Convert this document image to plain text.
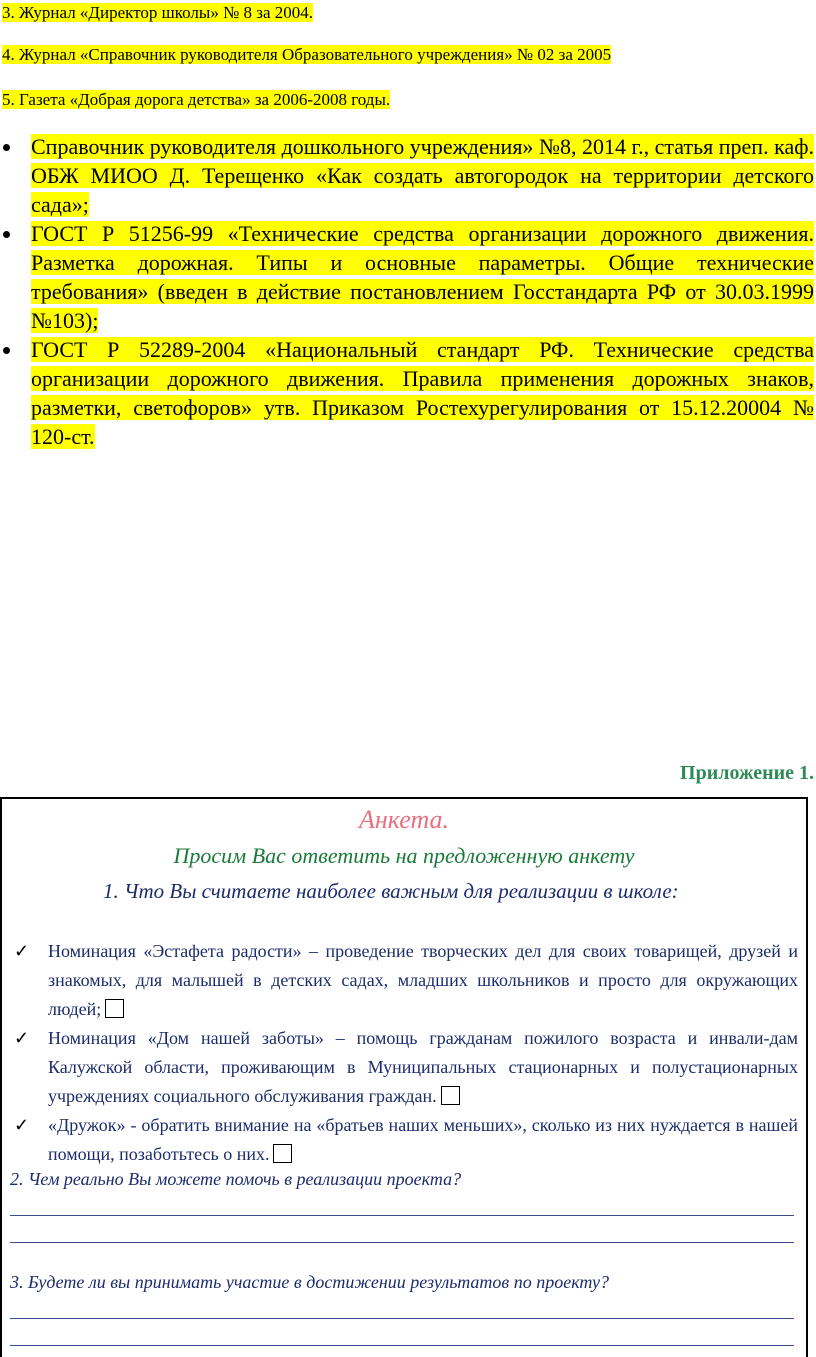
3. Журнал «Директор школы» № 8 за 2004.
4. Журнал «Справочник руководителя Образовательного учреждения» № 02 за 2005
5. Газета «Добрая дорога детства» за 2006-2008 годы.
Справочник руководителя дошкольного учреждения» №8, 2014 г., статья преп. каф. ОБЖ МИОО Д. Терещенко «Как создать автогородок на территории детского сада»;
ГОСТ Р 51256-99 «Технические средства организации дорожного движения. Разметка дорожная. Типы и основные параметры. Общие технические требования» (введен в действие постановлением Госстандарта РФ от 30.03.1999 №103);
ГОСТ Р 52289-2004 «Национальный стандарт РФ. Технические средства организации дорожного движения. Правила применения дорожных знаков, разметки, светофоров» утв. Приказом Ростехурегулирования от 15.12.20004 № 120-ст.
Приложение 1.
Анкета.
Просим Вас ответить на предложенную анкету
1. Что Вы считаете наиболее важным для реализации в школе:
✓ Номинация «Эстафета радости» – проведение творческих дел для своих товарищей, друзей и знакомых, для малышей в детских садах, младших школьников и просто для окружающих людей;
✓ Номинация «Дом нашей заботы» – помощь гражданам пожилого возраста и инвали-дам Калужской области, проживающим в Муниципальных стационарных и полустационарных учреждениях социального обслуживания граждан.
✓ «Дружок» - обратить внимание на «братьев наших меньших», сколько из них нуждается в нашей помощи, позаботьтесь о них.
2. Чем реально Вы можете помочь в реализации проекта?
3. Будете ли вы принимать участие в достижении результатов по проекту?
